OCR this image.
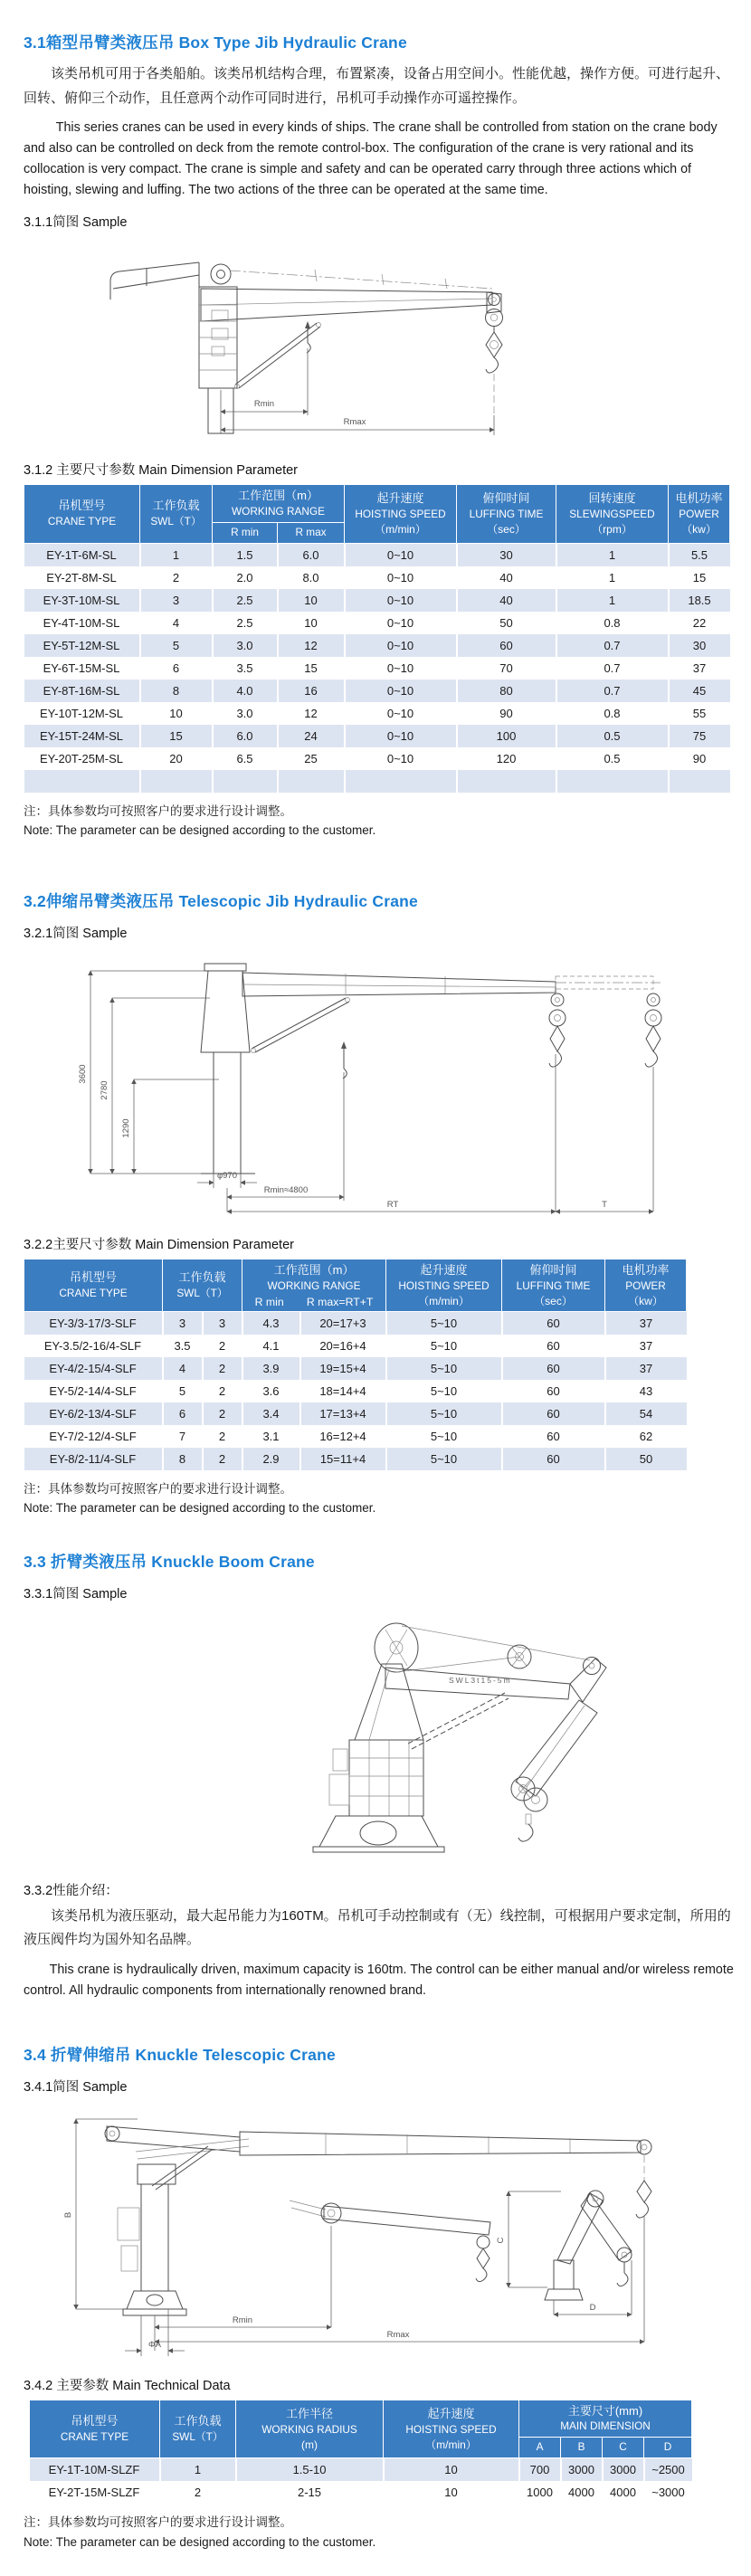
3.1箱型吊臂类液压吊 Box Type Jib Hydraulic Crane

该类吊机可用于各类船舶。该类吊机结构合理，布置紧凑，设备占用空间小。性能优越，操作方便。可进行起升、回转、俯仰三个动作，且任意两个动作可同时进行，吊机可手动操作亦可遥控操作。

This series cranes can be used in every kinds of ships. The crane shall be controlled from station on the crane body and also can be controlled on deck from the remote control-box. The configuration of the crane is very rational and its collocation is very compact. The crane is simple and safety and can be operated carry through three actions which of hoisting, slewing and luffing. The two actions of the three can be operated at the same time.

3.1.1简图 Sample
Rmin
Rmax
3.1.2 主要尺寸参数 Main Dimension Parameter
吊机型号
CRANE TYPE

工作负载
SWL（T）

工作范围（m）
WORKING RANGE

起升速度
HOISTING SPEED
（m/min）

俯仰时间
LUFFING TIME
（sec）

回转速度
SLEWINGSPEED
（rpm）

电机功率
POWER
（kw）

		R min	R max				

EY-1T-6M-SL	1	1.5	6.0	0~10	30	1	5.5
EY-2T-8M-SL	2	2.0	8.0	0~10	40	1	15
EY-3T-10M-SL	3	2.5	10	0~10	40	1	18.5
EY-4T-10M-SL	4	2.5	10	0~10	50	0.8	22
EY-5T-12M-SL	5	3.0	12	0~10	60	0.7	30
EY-6T-15M-SL	6	3.5	15	0~10	70	0.7	37
EY-8T-16M-SL	8	4.0	16	0~10	80	0.7	45
EY-10T-12M-SL	10	3.0	12	0~10	90	0.8	55
EY-15T-24M-SL	15	6.0	24	0~10	100	0.5	75
EY-20T-25M-SL	20	6.5	25	0~10	120	0.5	90

注：具体参数均可按照客户的要求进行设计调整。

Note: The parameter can be designed according to the customer.

3.2伸缩吊臂类液压吊 Telescopic Jib Hydraulic Crane
3.2.1简图 Sample
3600
2780
1290
φ970
Rmin≈4800
RT	T
3.2.2主要尺寸参数 Main Dimension Parameter
吊机型号
CRANE TYPE

工作负载
SWL（T）

工作范围（m）
WORKING RANGE
R min R max=RT+T

起升速度
HOISTING SPEED
（m/min）

俯仰时间
LUFFING TIME
（sec）

电机功率
POWER
（kw）

EY-3/3-17/3-SLF	3	3	4.3	20=17+3	5~10	60	37
EY-3.5/2-16/4-SLF	3.5	2	4.1	20=16+4	5~10	60	37
EY-4/2-15/4-SLF	4	2	3.9	19=15+4	5~10	60	37
EY-5/2-14/4-SLF	5	2	3.6	18=14+4	5~10	60	43
EY-6/2-13/4-SLF	6	2	3.4	17=13+4	5~10	60	54
EY-7/2-12/4-SLF	7	2	3.1	16=12+4	5~10	60	62
EY-8/2-11/4-SLF	8	2	2.9	15=11+4	5~10	60	50

注：具体参数均可按照客户的要求进行设计调整。

Note: The parameter can be designed according to the customer.

3.3 折臂类液压吊 Knuckle Boom Crane
3.3.1简图 Sample
SWL3t15-5m
3.3.2性能介绍：

该类吊机为液压驱动，最大起吊能力为160TM。吊机可手动控制或有（无）线控制，可根据用户要求定制，所用的液压阀件均为国外知名品牌。

This crane is hydraulically driven, maximum capacity is 160tm. The control can be either manual and/or wireless remote control. All hydraulic components from internationally renowned brand.

3.4 折臂伸缩吊 Knuckle Telescopic Crane
3.4.1简图 Sample
B
C
D
Rmin
Rmax
ΦA
3.4.2 主要参数 Main Technical Data
吊机型号
CRANE TYPE

工作负载
SWL（T）

工作半径
WORKING RADIUS
(m)

起升速度
HOISTING SPEED
（m/min）

主要尺寸(mm)
MAIN DIMENSION

				A	B	C	D

EY-1T-10M-SLZF	1	1.5-10	10	700	3000	3000	~2500
EY-2T-15M-SLZF	2	2-15	10	1000	4000	4000	~3000

注：具体参数均可按照客户的要求进行设计调整。

Note: The parameter can be designed according to the customer.
